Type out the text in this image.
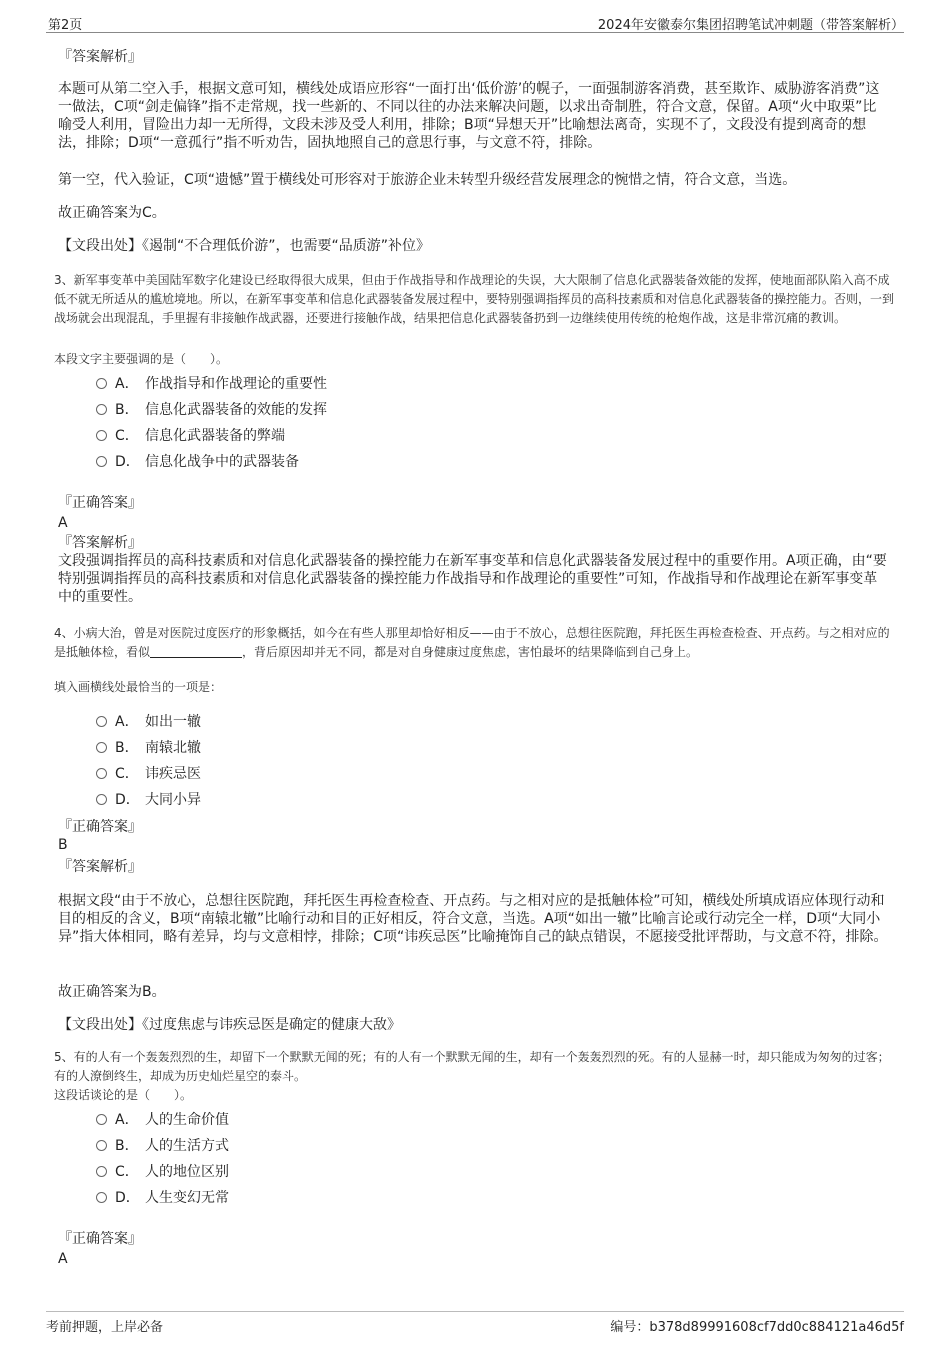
第2页	2024年安徽泰尔集团招聘笔试冲刺题（带答案解析）

『答案解析』

本题可从第二空入手，根据文意可知，横线处成语应形容“一面打出‘低价游’的幌子，一面强制游客消费，甚至欺诈、威胁游客消费”这一做法，C项“剑走偏锋”指不走常规，找一些新的、不同以往的办法来解决问题，以求出奇制胜，符合文意，保留。A项“火中取栗”比喻受人利用，冒险出力却一无所得，文段未涉及受人利用，排除；B项“异想天开”比喻想法离奇，实现不了，文段没有提到离奇的想法，排除；D项“一意孤行”指不听劝告，固执地照自己的意思行事，与文意不符，排除。

第一空，代入验证，C项“遗憾”置于横线处可形容对于旅游企业未转型升级经营发展理念的惋惜之情，符合文意，当选。

故正确答案为C。

【文段出处】《遏制“不合理低价游”，也需要“品质游”补位》

3、新军事变革中美国陆军数字化建设已经取得很大成果，但由于作战指导和作战理论的失误，大大限制了信息化武器装备效能的发挥，使地面部队陷入高不成低不就无所适从的尴尬境地。所以，在新军事变革和信息化武器装备发展过程中，要特别强调指挥员的高科技素质和对信息化武器装备的操控能力。否则，一到战场就会出现混乱，手里握有非接触作战武器，还要进行接触作战，结果把信息化武器装备扔到一边继续使用传统的枪炮作战，这是非常沉痛的教训。

本段文字主要强调的是（　　）。

A． 作战指导和作战理论的重要性
B． 信息化武器装备的效能的发挥
C． 信息化武器装备的弊端
D． 信息化战争中的武器装备

『正确答案』

A

『答案解析』

文段强调指挥员的高科技素质和对信息化武器装备的操控能力在新军事变革和信息化武器装备发展过程中的重要作用。A项正确，由“要特别强调指挥员的高科技素质和对信息化武器装备的操控能力作战指导和作战理论的重要性”可知，作战指导和作战理论在新军事变革中的重要性。

4、小病大治，曾是对医院过度医疗的形象概括，如今在有些人那里却恰好相反——由于不放心，总想往医院跑，拜托医生再检查检查、开点药。与之相对应的是抵触体检，看似	，背后原因却并无不同，都是对自身健康过度焦虑，害怕最坏的结果降临到自己身上。

填入画横线处最恰当的一项是：

A． 如出一辙
B． 南辕北辙
C． 讳疾忌医
D． 大同小异

『正确答案』

B

『答案解析』

根据文段“由于不放心，总想往医院跑，拜托医生再检查检查、开点药。与之相对应的是抵触体检”可知，横线处所填成语应体现行动和目的相反的含义，B项“南辕北辙”比喻行动和目的正好相反，符合文意，当选。A项“如出一辙”比喻言论或行动完全一样，D项“大同小异”指大体相同，略有差异，均与文意相悖，排除；C项“讳疾忌医”比喻掩饰自己的缺点错误，不愿接受批评帮助，与文意不符，排除。

故正确答案为B。

【文段出处】《过度焦虑与讳疾忌医是确定的健康大敌》

5、有的人有一个轰轰烈烈的生，却留下一个默默无闻的死；有的人有一个默默无闻的生，却有一个轰轰烈烈的死。有的人显赫一时，却只能成为匆匆的过客；有的人潦倒终生，却成为历史灿烂星空的泰斗。

这段话谈论的是（　　）。

A． 人的生命价值
B． 人的生活方式
C． 人的地位区别
D． 人生变幻无常

『正确答案』

A

考前押题，上岸必备	编号：b378d89991608cf7dd0c884121a46d5f
